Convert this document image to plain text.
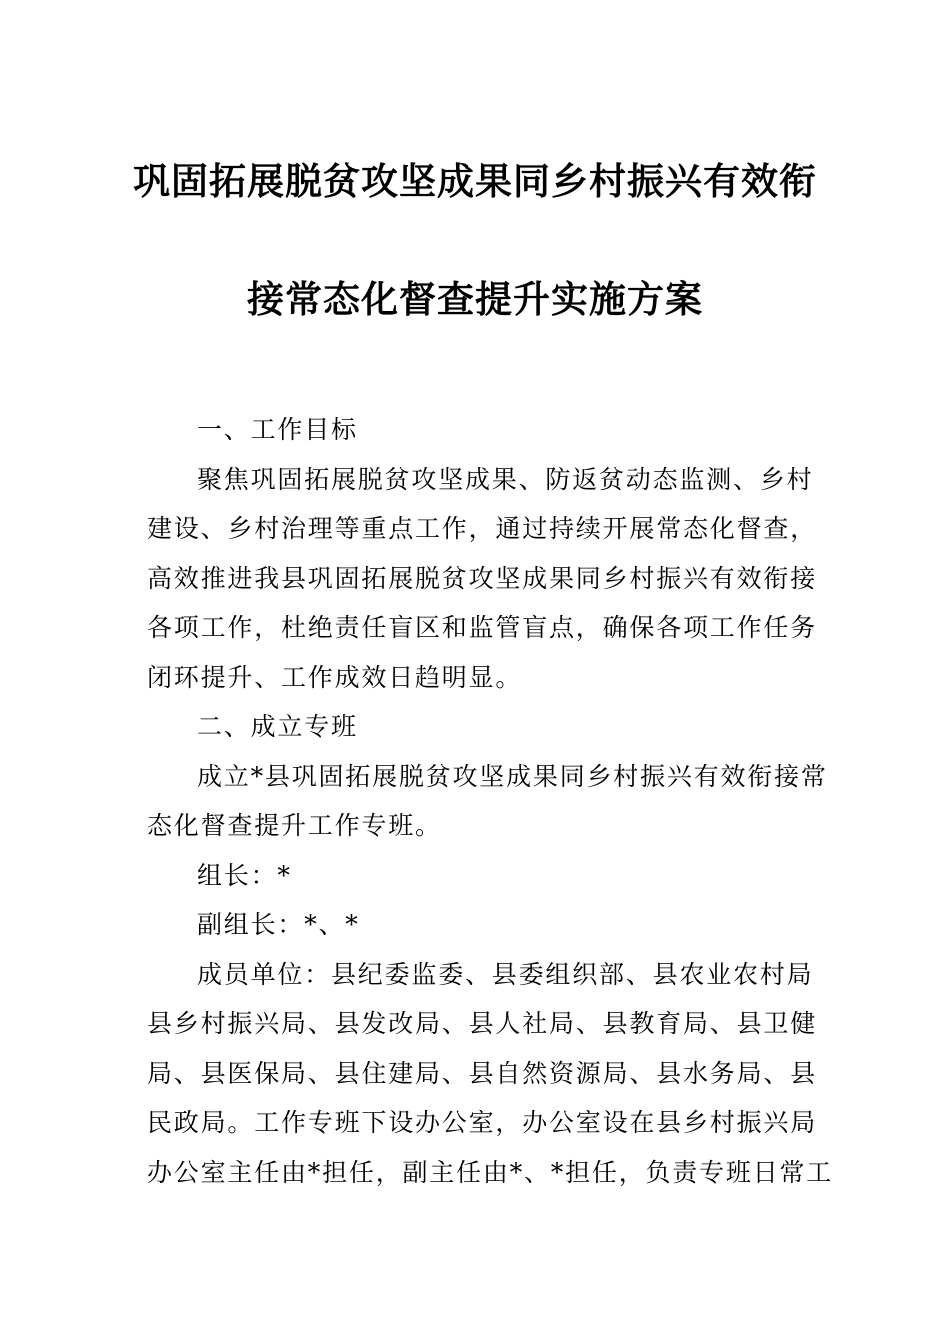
巩固拓展脱贫攻坚成果同乡村振兴有效衔
接常态化督查提升实施方案
一、工作目标
聚焦巩固拓展脱贫攻坚成果、防返贫动态监测、乡村
建设、乡村治理等重点工作，通过持续开展常态化督查，
高效推进我县巩固拓展脱贫攻坚成果同乡村振兴有效衔接
各项工作，杜绝责任盲区和监管盲点，确保各项工作任务
闭环提升、工作成效日趋明显。
二、成立专班
成立*县巩固拓展脱贫攻坚成果同乡村振兴有效衔接常
态化督查提升工作专班。
组长：*
副组长：*、*
成员单位：县纪委监委、县委组织部、县农业农村局
县乡村振兴局、县发改局、县人社局、县教育局、县卫健
局、县医保局、县住建局、县自然资源局、县水务局、县
民政局。工作专班下设办公室，办公室设在县乡村振兴局
办公室主任由*担任，副主任由*、*担任，负责专班日常工
